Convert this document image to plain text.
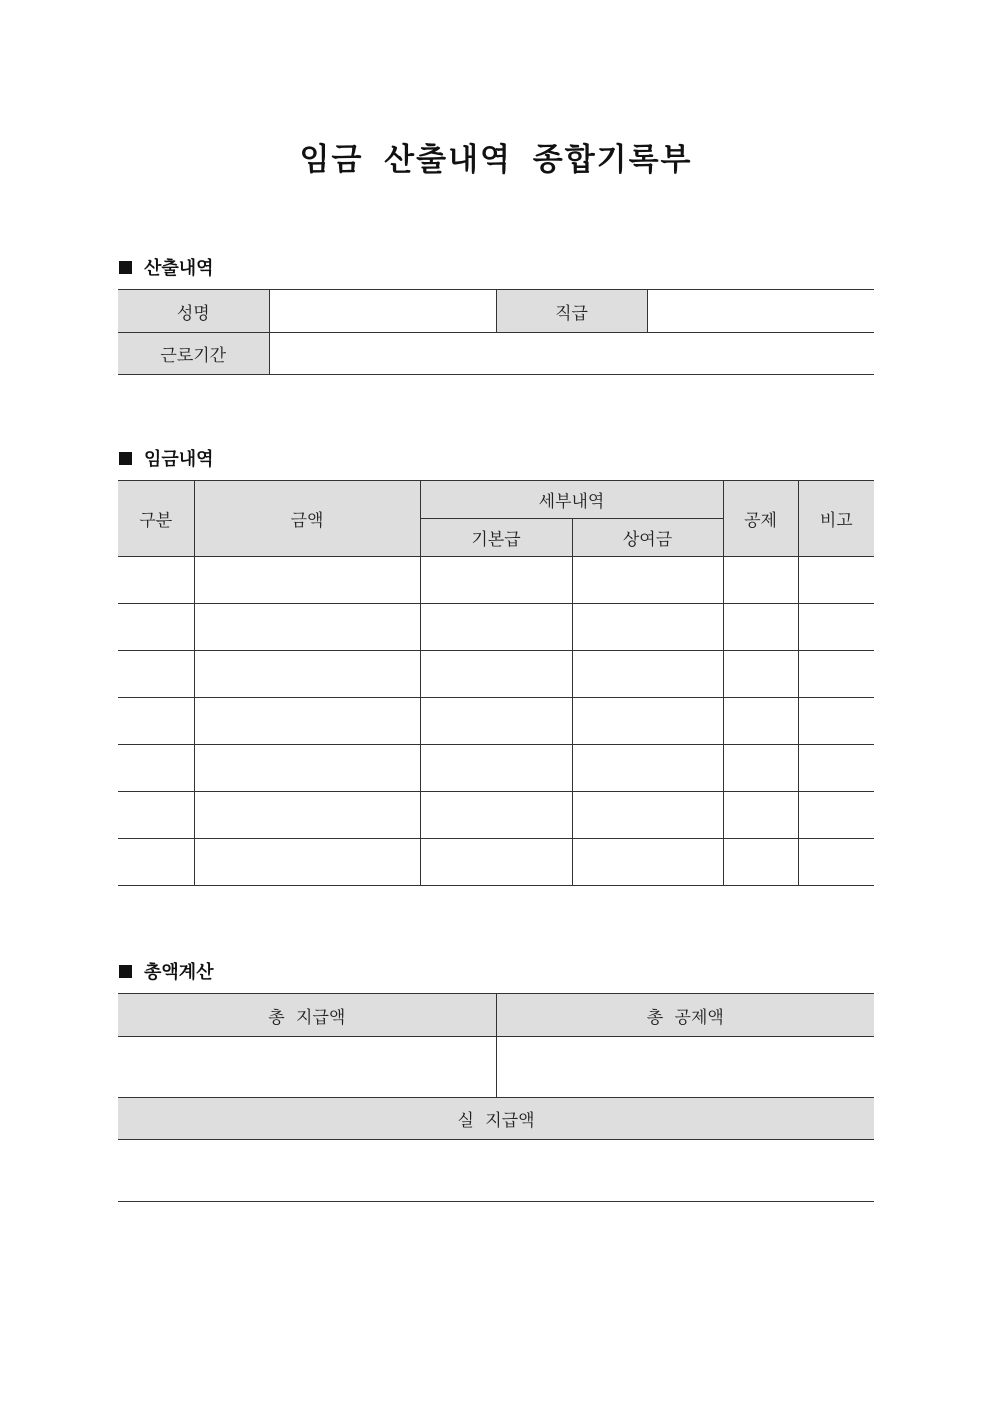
임금 산출내역 종합기록부
산출내역
성명		직급	
근로기간			
임금내역
구분	금액	세부내역		공제	비고
		기본급	상여금		

총액계산
총 지급액	총 공제액

실 지급액	
